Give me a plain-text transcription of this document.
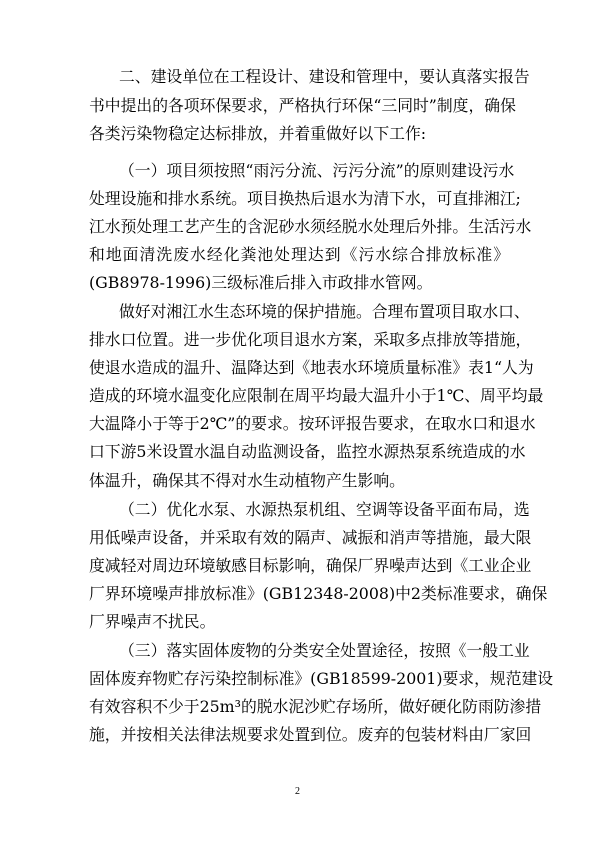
二、建设单位在工程设计、建设和管理中，要认真落实报告
书中提出的各项环保要求，严格执行环保“三同时”制度，确保
各类污染物稳定达标排放，并着重做好以下工作:
（一）项目须按照“雨污分流、污污分流”的原则建设污水
处理设施和排水系统。项目换热后退水为清下水，可直排湘江;
江水预处理工艺产生的含泥砂水须经脱水处理后外排。生活污水
和地面清洗废水经化粪池处理达到《污水综合排放标准》
(GB8978-1996)三级标准后排入市政排水管网。
做好对湘江水生态环境的保护措施。合理布置项目取水口、
排水口位置。进一步优化项目退水方案，采取多点排放等措施，
使退水造成的温升、温降达到《地表水环境质量标准》表1“人为
造成的环境水温变化应限制在周平均最大温升小于1℃、周平均最
大温降小于等于2℃”的要求。按环评报告要求，在取水口和退水
口下游5米设置水温自动监测设备，监控水源热泵系统造成的水
体温升，确保其不得对水生动植物产生影响。
（二）优化水泵、水源热泵机组、空调等设备平面布局，选
用低噪声设备，并采取有效的隔声、减振和消声等措施，最大限
度减轻对周边环境敏感目标影响，确保厂界噪声达到《工业企业
厂界环境噪声排放标准》(GB12348-2008)中2类标准要求，确保
厂界噪声不扰民。
（三）落实固体废物的分类安全处置途径，按照《一般工业
固体废弃物贮存污染控制标准》(GB18599-2001)要求，规范建设
有效容积不少于25m³的脱水泥沙贮存场所，做好硬化防雨防渗措
施，并按相关法律法规要求处置到位。废弃的包装材料由厂家回
2
